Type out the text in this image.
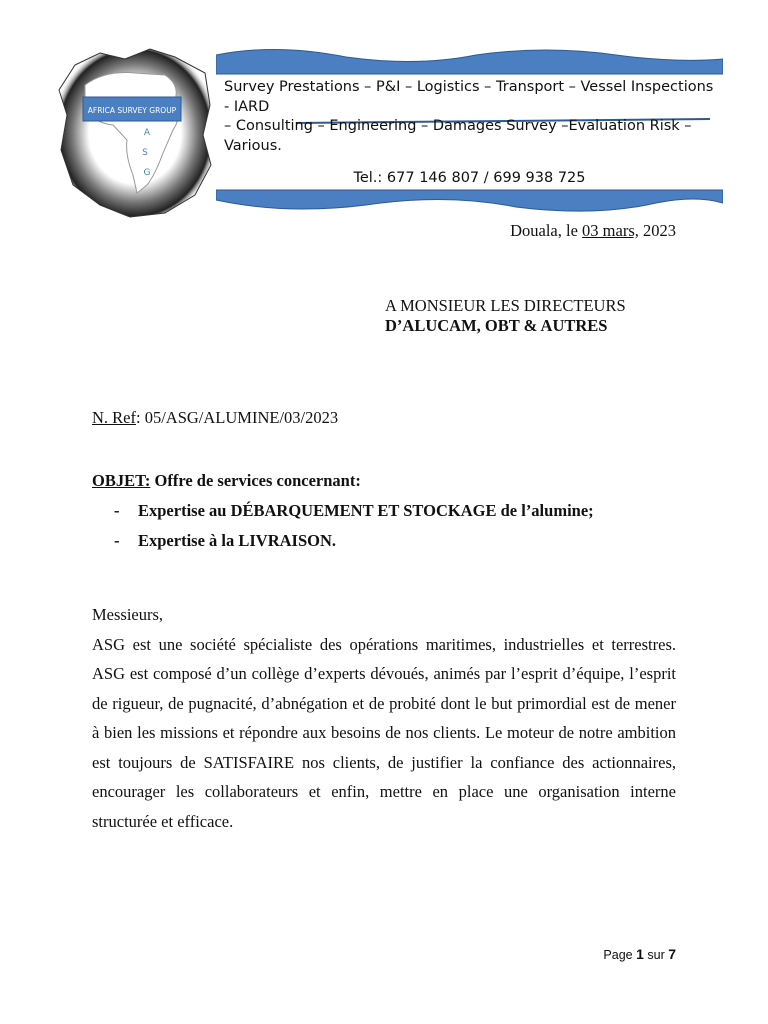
AFRICA SURVEY GROUP
A
S
G

Survey Prestations – P&I – Logistics – Transport – Vessel Inspections - IARD

– Consulting – Engineering – Damages Survey –Evaluation Risk – Various.

Tel.: 677 146 807 / 699 938 725
Douala, le 03 mars, 2023
A MONSIEUR LES DIRECTEURS
D’ALUCAM, OBT & AUTRES
N. Ref: 05/ASG/ALUMINE/03/2023
OBJET: Offre de services concernant:
-	Expertise au DÉBARQUEMENT ET STOCKAGE de l’alumine;
-	Expertise à la LIVRAISON.

Messieurs,

ASG est une société spécialiste des opérations maritimes, industrielles et terrestres. ASG est composé d’un collège d’experts dévoués, animés par l’esprit d’équipe, l’esprit de rigueur, de pugnacité, d’abnégation et de probité dont le but primordial est de mener à bien les missions et répondre aux besoins de nos clients. Le moteur de notre ambition est toujours de SATISFAIRE nos clients, de justifier la confiance des actionnaires, encourager les collaborateurs et enfin, mettre en place une organisation interne structurée et efficace.

Page 1 sur 7
